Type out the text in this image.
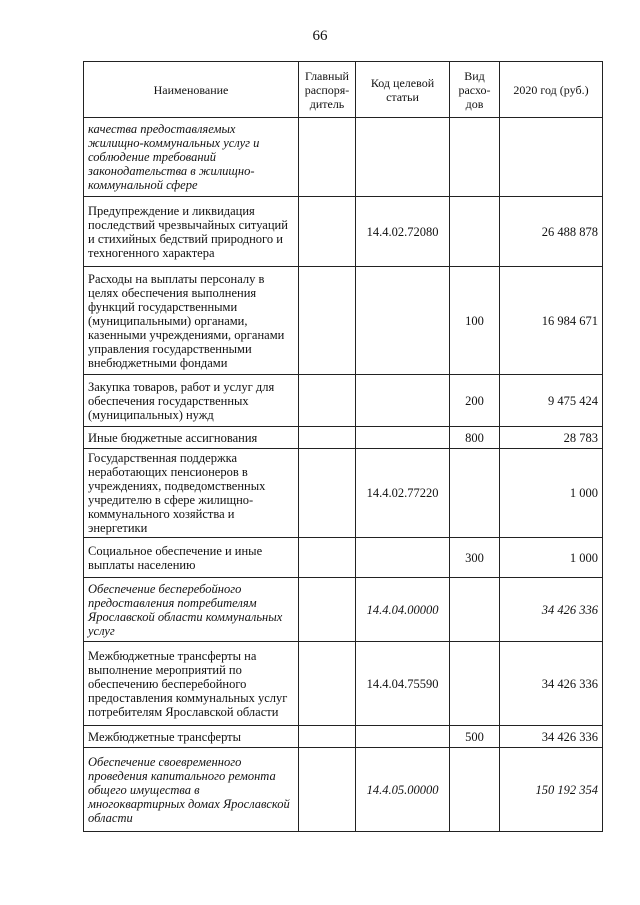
66
Наименование	Главный распоря-дитель	Код целевой статьи	Вид расхо-дов	2020 год (руб.)
качества предоставляемых жилищно-коммунальных услуг и соблюдение требований законодательства в жилищно-коммунальной сфере				
Предупреждение и ликвидация последствий чрезвычайных ситуаций и стихийных бедствий природного и техногенного характера		14.4.02.72080		26 488 878
Расходы на выплаты персоналу в целях обеспечения выполнения функций государственными (муниципальными) органами, казенными учреждениями, органами управления государственными внебюджетными фондами			100	16 984 671
Закупка товаров, работ и услуг для обеспечения государственных (муниципальных) нужд			200	9 475 424
Иные бюджетные ассигнования			800	28 783
Государственная поддержка неработающих пенсионеров в учреждениях, подведомственных учредителю в сфере жилищно-коммунального хозяйства и энергетики		14.4.02.77220		1 000
Социальное обеспечение и иные выплаты населению			300	1 000
Обеспечение бесперебойного предоставления потребителям Ярославской области коммунальных услуг		14.4.04.00000		34 426 336
Межбюджетные трансферты на выполнение мероприятий по обеспечению бесперебойного предоставления коммунальных услуг потребителям Ярославской области		14.4.04.75590		34 426 336
Межбюджетные трансферты			500	34 426 336
Обеспечение своевременного проведения капитального ремонта общего имущества в многоквартирных домах Ярославской области		14.4.05.00000		150 192 354
